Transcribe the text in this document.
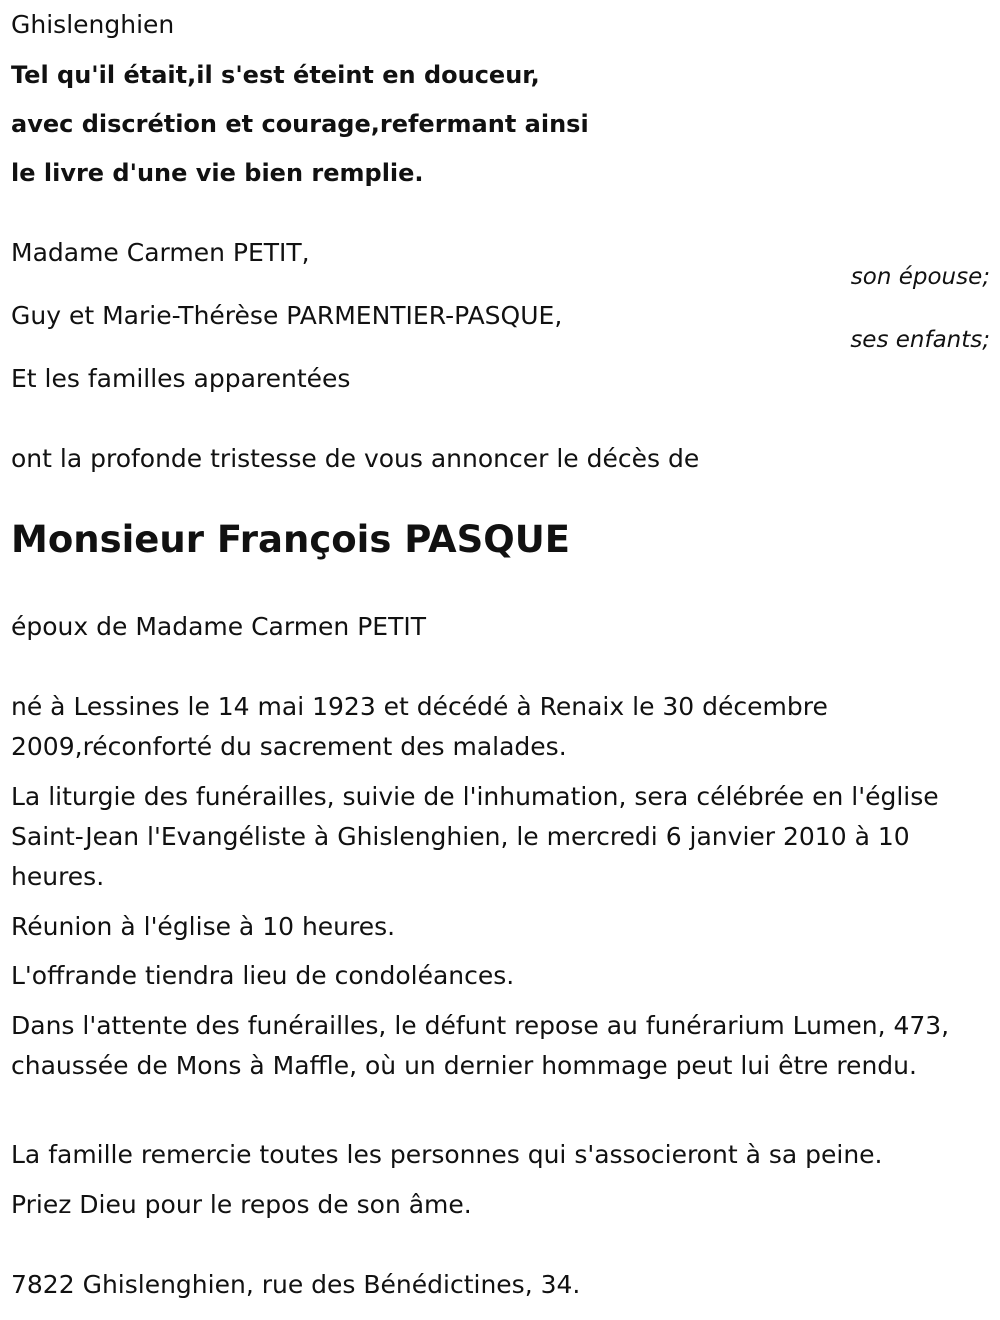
Ghislenghien
Tel qu'il était,il s'est éteint en douceur,
avec discrétion et courage,refermant ainsi
le livre d'une vie bien remplie.
Madame Carmen PETIT,
son épouse;
Guy et Marie-Thérèse PARMENTIER-PASQUE,
ses enfants;
Et les familles apparentées
ont la profonde tristesse de vous annoncer le décès de
Monsieur François PASQUE
époux de Madame Carmen PETIT
né à Lessines le 14 mai 1923 et décédé à Renaix le 30 décembre 2009,réconforté du sacrement des malades.
La liturgie des funérailles, suivie de l'inhumation, sera célébrée en l'église Saint-Jean l'Evangéliste à Ghislenghien, le mercredi 6 janvier 2010 à 10 heures.
Réunion à l'église à 10 heures.
L'offrande tiendra lieu de condoléances.
Dans l'attente des funérailles, le défunt repose au funérarium Lumen, 473, chaussée de Mons à Maffle, où un dernier hommage peut lui être rendu.
La famille remercie toutes les personnes qui s'associeront à sa peine.
Priez Dieu pour le repos de son âme.
7822 Ghislenghien, rue des Bénédictines, 34.
